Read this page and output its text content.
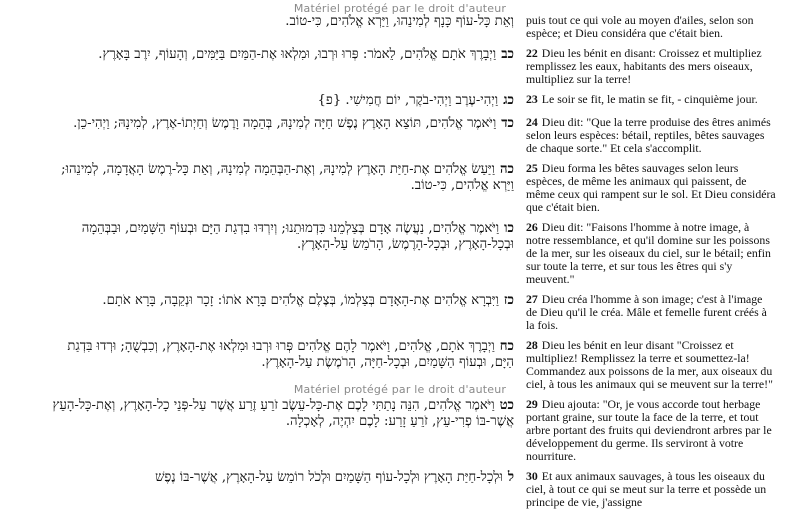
Matériel protégé par le droit d'auteur
וְאֵת כָּל-עוֹף כָּנָף לְמִינֵהוּ, וַיַּרְא אֱלֹהִים, כִּי-טוֹב.
כבוַיְבָרֶךְ אֹתָם אֱלֹהִים, לֵאמֹר: פְּרוּ וּרְבוּ, וּמִלְאוּ אֶת-הַמַּיִם בַּיַּמִּים, וְהָעוֹף, יִרֶב בָּאָרֶץ.
כגוַיְהִי-עֶרֶב וַיְהִי-בֹקֶר, יוֹם חֲמִישִׁי. {פ}
כדוַיֹּאמֶר אֱלֹהִים, תּוֹצֵא הָאָרֶץ נֶפֶשׁ חַיָּה לְמִינָהּ, בְּהֵמָה וָרֶמֶשׂ וְחַיְתוֹ-אֶרֶץ, לְמִינָהּ; וַיְהִי-כֵן.
כהוַיַּעַשׂ אֱלֹהִים אֶת-חַיַּת הָאָרֶץ לְמִינָהּ, וְאֶת-הַבְּהֵמָה לְמִינָהּ, וְאֵת כָּל-רֶמֶשׂ הָאֲדָמָה, לְמִינֵהוּ; וַיַּרְא אֱלֹהִים, כִּי-טוֹב.
כווַיֹּאמֶר אֱלֹהִים, נַעֲשֶׂה אָדָם בְּצַלְמֵנוּ כִּדְמוּתֵנוּ; וְיִרְדּוּ בִדְגַת הַיָּם וּבְעוֹף הַשָּׁמַיִם, וּבַבְּהֵמָה וּבְכָל-הָאָרֶץ, וּבְכָל-הָרֶמֶשׂ, הָרֹמֵשׂ עַל-הָאָרֶץ.
כזוַיִּבְרָא אֱלֹהִים אֶת-הָאָדָם בְּצַלְמוֹ, בְּצֶלֶם אֱלֹהִים בָּרָא אֹתוֹ: זָכָר וּנְקֵבָה, בָּרָא אֹתָם.
כחוַיְבָרֶךְ אֹתָם, אֱלֹהִים, וַיֹּאמֶר לָהֶם אֱלֹהִים פְּרוּ וּרְבוּ וּמִלְאוּ אֶת-הָאָרֶץ, וְכִבְשֻׁהָ; וּרְדוּ בִּדְגַת הַיָּם, וּבְעוֹף הַשָּׁמַיִם, וּבְכָל-חַיָּה, הָרֹמֶשֶׂת עַל-הָאָרֶץ.
כטוַיֹּאמֶר אֱלֹהִים, הִנֵּה נָתַתִּי לָכֶם אֶת-כָּל-עֵשֶׂב זֹרֵעַ זֶרַע אֲשֶׁר עַל-פְּנֵי כָל-הָאָרֶץ, וְאֶת-כָּל-הָעֵץ אֲשֶׁר-בּוֹ פְרִי-עֵץ, זֹרֵעַ זָרַע: לָכֶם יִהְיֶה, לְאָכְלָה.
לוּלְכָל-חַיַּת הָאָרֶץ וּלְכָל-עוֹף הַשָּׁמַיִם וּלְכֹל רוֹמֵשׂ עַל-הָאָרֶץ, אֲשֶׁר-בּוֹ נֶפֶשׁ
puis tout ce qui vole au moyen d'ailes, selon son espèce; et Dieu considéra que c'était bien.
22 Dieu les bénit en disant: Croissez et multipliez remplissez les eaux, habitants des mers oiseaux, multipliez sur la terre!
23 Le soir se fit, le matin se fit, - cinquième jour.
24 Dieu dit: "Que la terre produise des êtres animés selon leurs espèces: bétail, reptiles, bêtes sauvages de chaque sorte." Et cela s'accomplit.
25 Dieu forma les bêtes sauvages selon leurs espèces, de même les animaux qui paissent, de même ceux qui rampent sur le sol. Et Dieu considéra que c'était bien.
26 Dieu dit: "Faisons l'homme à notre image, à notre ressemblance, et qu'il domine sur les poissons de la mer, sur les oiseaux du ciel, sur le bétail; enfin sur toute la terre, et sur tous les êtres qui s'y meuvent."
27 Dieu créa l'homme à son image; c'est à l'image de Dieu qu'il le créa. Mâle et femelle furent créés à la fois.
28 Dieu les bénit en leur disant "Croissez et multipliez! Remplissez la terre et soumettez-la! Commandez aux poissons de la mer, aux oiseaux du ciel, à tous les animaux qui se meuvent sur la terre!"
29 Dieu ajouta: "Or, je vous accorde tout herbage portant graine, sur toute la face de la terre, et tout arbre portant des fruits qui deviendront arbres par le développement du germe. Ils serviront à votre nourriture.
30 Et aux animaux sauvages, à tous les oiseaux du ciel, à tout ce qui se meut sur la terre et possède un principe de vie, j'assigne
Matériel protégé par le droit d'auteur
